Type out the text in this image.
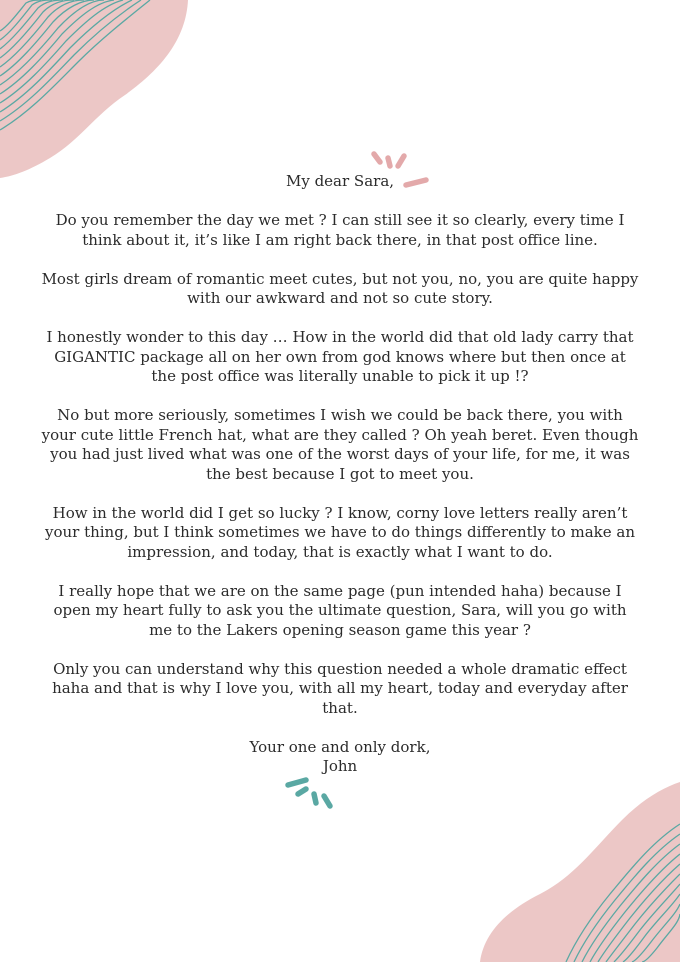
My dear Sara,

Do you remember the day we met ? I can still see it so clearly, every time I think about it, it’s like I am right back there, in that post office line.

Most girls dream of romantic meet cutes, but not you, no, you are quite happy with our awkward and not so cute story.

I honestly wonder to this day … How in the world did that old lady carry that GIGANTIC package all on her own from god knows where but then once at the post office was literally unable to pick it up !?

No but more seriously, sometimes I wish we could be back there, you with your cute little French hat, what are they called ? Oh yeah beret. Even though you had just lived what was one of the worst days of your life, for me, it was the best because I got to meet you.

How in the world did I get so lucky ? I know, corny love letters really aren’t your thing, but I think sometimes we have to do things differently to make an impression, and today, that is exactly what I want to do.

I really hope that we are on the same page (pun intended haha) because I open my heart fully to ask you the ultimate question, Sara, will you go with me to the Lakers opening season game this year ?

Only you can understand why this question needed a whole dramatic effect haha and that is why I love you, with all my heart, today and everyday after that.

Your one and only dork,
John
